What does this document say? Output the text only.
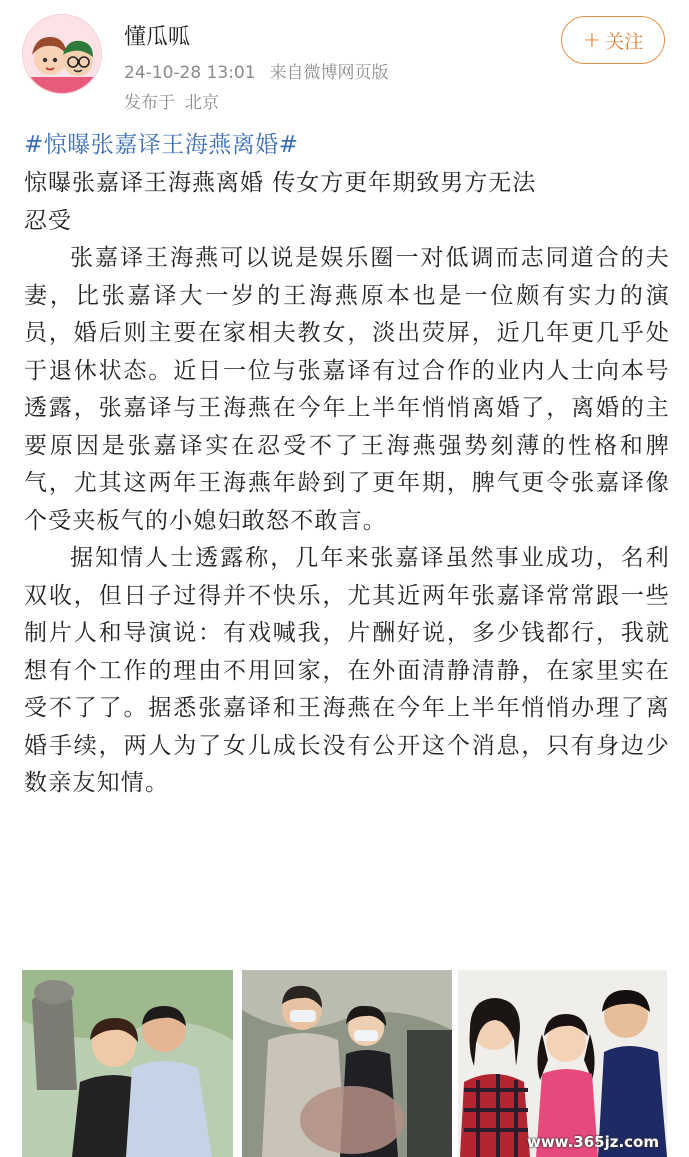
懂瓜呱
24-10-28 13:01 来自微博网页版
发布于 北京
+ 关注
#惊曝张嘉译王海燕离婚#
惊曝张嘉译王海燕离婚 传女方更年期致男方无法
忍受

张嘉译王海燕可以说是娱乐圈一对低调而志同道合的夫妻，比张嘉译大一岁的王海燕原本也是一位颇有实力的演员，婚后则主要在家相夫教女，淡出荧屏，近几年更几乎处于退休状态。近日一位与张嘉译有过合作的业内人士向本号透露，张嘉译与王海燕在今年上半年悄悄离婚了，离婚的主要原因是张嘉译实在忍受不了王海燕强势刻薄的性格和脾气，尤其这两年王海燕年龄到了更年期，脾气更令张嘉译像个受夹板气的小媳妇敢怒不敢言。

据知情人士透露称，几年来张嘉译虽然事业成功，名利双收，但日子过得并不快乐，尤其近两年张嘉译常常跟一些制片人和导演说：有戏喊我，片酬好说，多少钱都行，我就想有个工作的理由不用回家，在外面清静清静，在家里实在受不了了。据悉张嘉译和王海燕在今年上半年悄悄办理了离婚手续，两人为了女儿成长没有公开这个消息，只有身边少数亲友知情。

www.365jz.com
